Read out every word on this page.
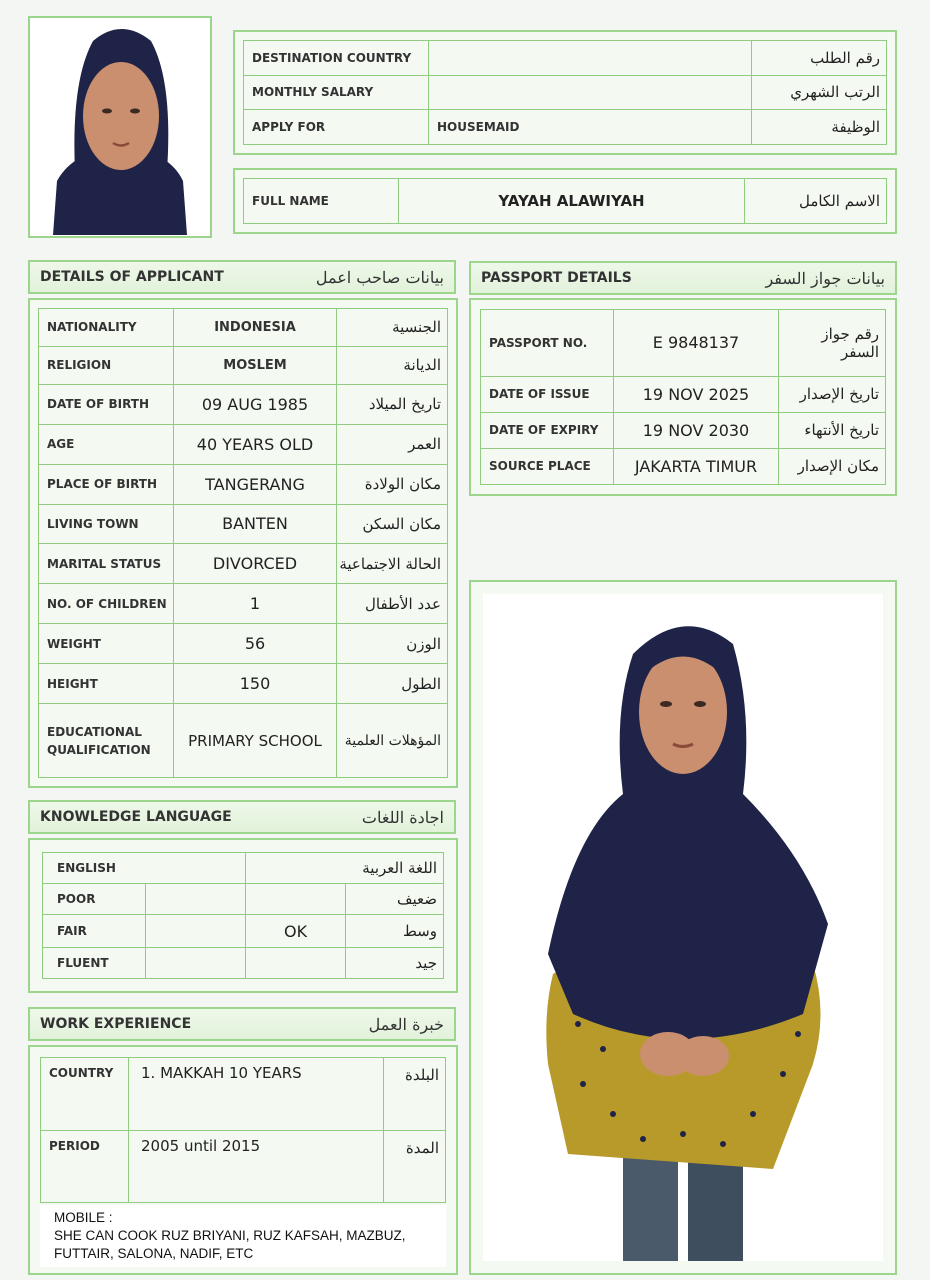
DESTINATION COUNTRY		رقم الطلب
MONTHLY SALARY		الرتب الشهري
APPLY FOR	HOUSEMAID	الوظيفة
FULL NAME	YAYAH ALAWIYAH	الاسم الكامل
DETAILS OF APPLICANT	بيانات صاحب اعمل
NATIONALITY	INDONESIA	الجنسية
RELIGION	MOSLEM	الديانة
DATE OF BIRTH	09 AUG 1985	تاريخ الميلاد
AGE	40 YEARS OLD	العمر
PLACE OF BIRTH	TANGERANG	مكان الولادة
LIVING TOWN	BANTEN	مكان السكن
MARITAL STATUS	DIVORCED	الحالة الاجتماعية
NO. OF CHILDREN	1	عدد الأطفال
WEIGHT	56	الوزن
HEIGHT	150	الطول
EDUCATIONAL QUALIFICATION	PRIMARY SCHOOL	المؤهلات العلمية
PASSPORT DETAILS	بيانات جواز السفر
PASSPORT NO.	E 9848137	رقم جواز السفر
DATE OF ISSUE	19 NOV 2025	تاريخ الإصدار
DATE OF EXPIRY	19 NOV 2030	تاريخ الأنتهاء
SOURCE PLACE	JAKARTA TIMUR	مكان الإصدار
KNOWLEDGE LANGUAGE	اجادة اللغات
ENGLISH		اللغة العربية	
POOR			ضعيف
FAIR		OK	وسط
FLUENT			جيد
WORK EXPERIENCE	خبرة العمل
COUNTRY	1. MAKKAH 10 YEARS	البلدة
PERIOD	2005 until 2015	المدة
MOBILE :
SHE CAN COOK RUZ BRIYANI, RUZ KAFSAH, MAZBUZ, FUTTAIR, SALONA, NADIF, ETC
